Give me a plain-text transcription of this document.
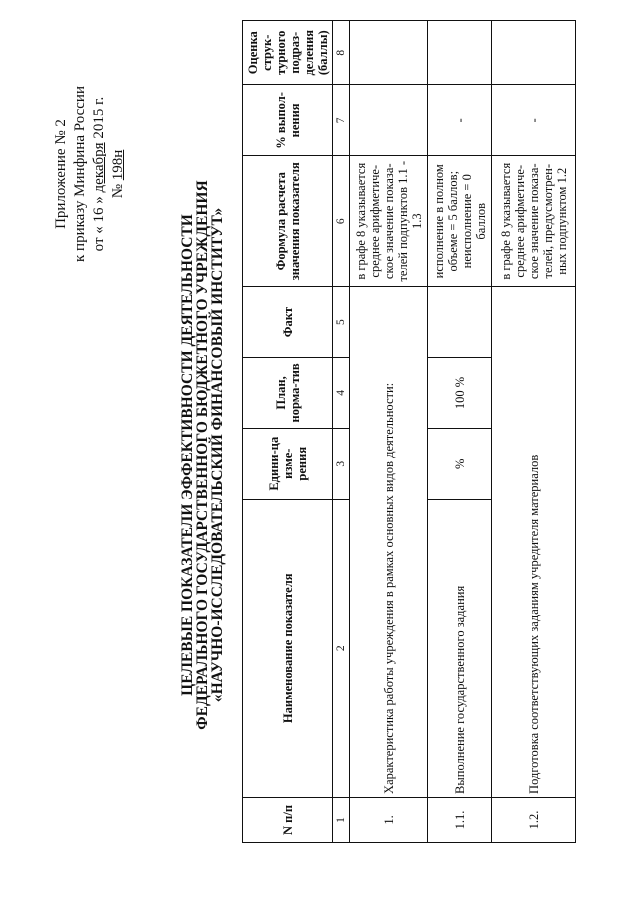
Приложение № 2 к приказу Минфина России от « 16 » декабря 2015 г.
№ 198н
ЦЕЛЕВЫЕ ПОКАЗАТЕЛИ ЭФФЕКТИВНОСТИ ДЕЯТЕЛЬНОСТИ
ФЕДЕРАЛЬНОГО ГОСУДАРСТВЕННОГО БЮДЖЕТНОГО УЧРЕЖДЕНИЯ
«НАУЧНО-ИССЛЕДОВАТЕЛЬСКИЙ ФИНАНСОВЫЙ ИНСТИТУТ»
N п/п	Наименование показателя	Едини-ца изме-рения	План, норма-тив	Факт	Формула расчета значения показателя	% выпол-нения	Оценка струк-турного подраз-деления (баллы)
1	2	3	4	5	6	7	8
1.	Характеристика работы учреждения в рамках основных видов деятельности:				в графе 8 указывается среднее арифметиче-ское значение показа-телей подпунктов 1.1 - 1.3		
1.1.	Выполнение государственного задания	%	100 %		исполнение в полном объеме = 5 баллов; неисполнение = 0 баллов	-	
1.2.	Подготовка соответствующих заданиям учредителя материалов				в графе 8 указывается среднее арифметиче-ское значение показа-телей, предусмотрен-ных подпунктом 1.2	-	
